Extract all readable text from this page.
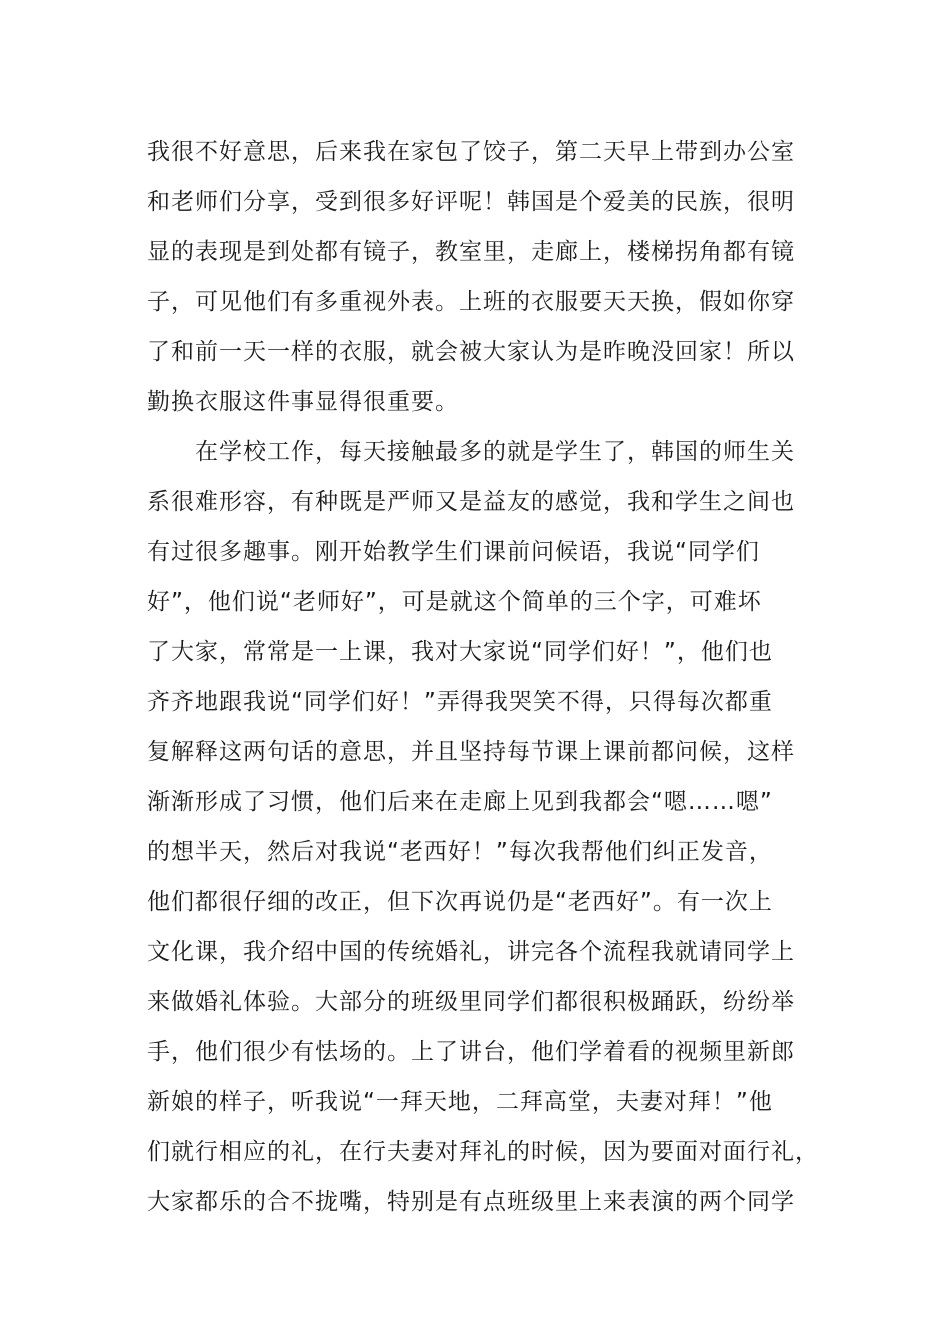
我很不好意思，后来我在家包了饺子，第二天早上带到办公室
和老师们分享，受到很多好评呢！韩国是个爱美的民族，很明
显的表现是到处都有镜子，教室里，走廊上，楼梯拐角都有镜
子，可见他们有多重视外表。上班的衣服要天天换，假如你穿
了和前一天一样的衣服，就会被大家认为是昨晚没回家！所以
勤换衣服这件事显得很重要。
　　在学校工作，每天接触最多的就是学生了，韩国的师生关
系很难形容，有种既是严师又是益友的感觉，我和学生之间也
有过很多趣事。刚开始教学生们课前问候语，我说“同学们
好”，他们说“老师好”，可是就这个简单的三个字，可难坏
了大家，常常是一上课，我对大家说“同学们好！”，他们也
齐齐地跟我说“同学们好！”弄得我哭笑不得，只得每次都重
复解释这两句话的意思，并且坚持每节课上课前都问候，这样
渐渐形成了习惯，他们后来在走廊上见到我都会“嗯……嗯”
的想半天，然后对我说“老西好！”每次我帮他们纠正发音，
他们都很仔细的改正，但下次再说仍是“老西好”。有一次上
文化课，我介绍中国的传统婚礼，讲完各个流程我就请同学上
来做婚礼体验。大部分的班级里同学们都很积极踊跃，纷纷举
手，他们很少有怯场的。上了讲台，他们学着看的视频里新郎
新娘的样子，听我说“一拜天地，二拜高堂，夫妻对拜！”他
们就行相应的礼，在行夫妻对拜礼的时候，因为要面对面行礼，
大家都乐的合不拢嘴，特别是有点班级里上来表演的两个同学
